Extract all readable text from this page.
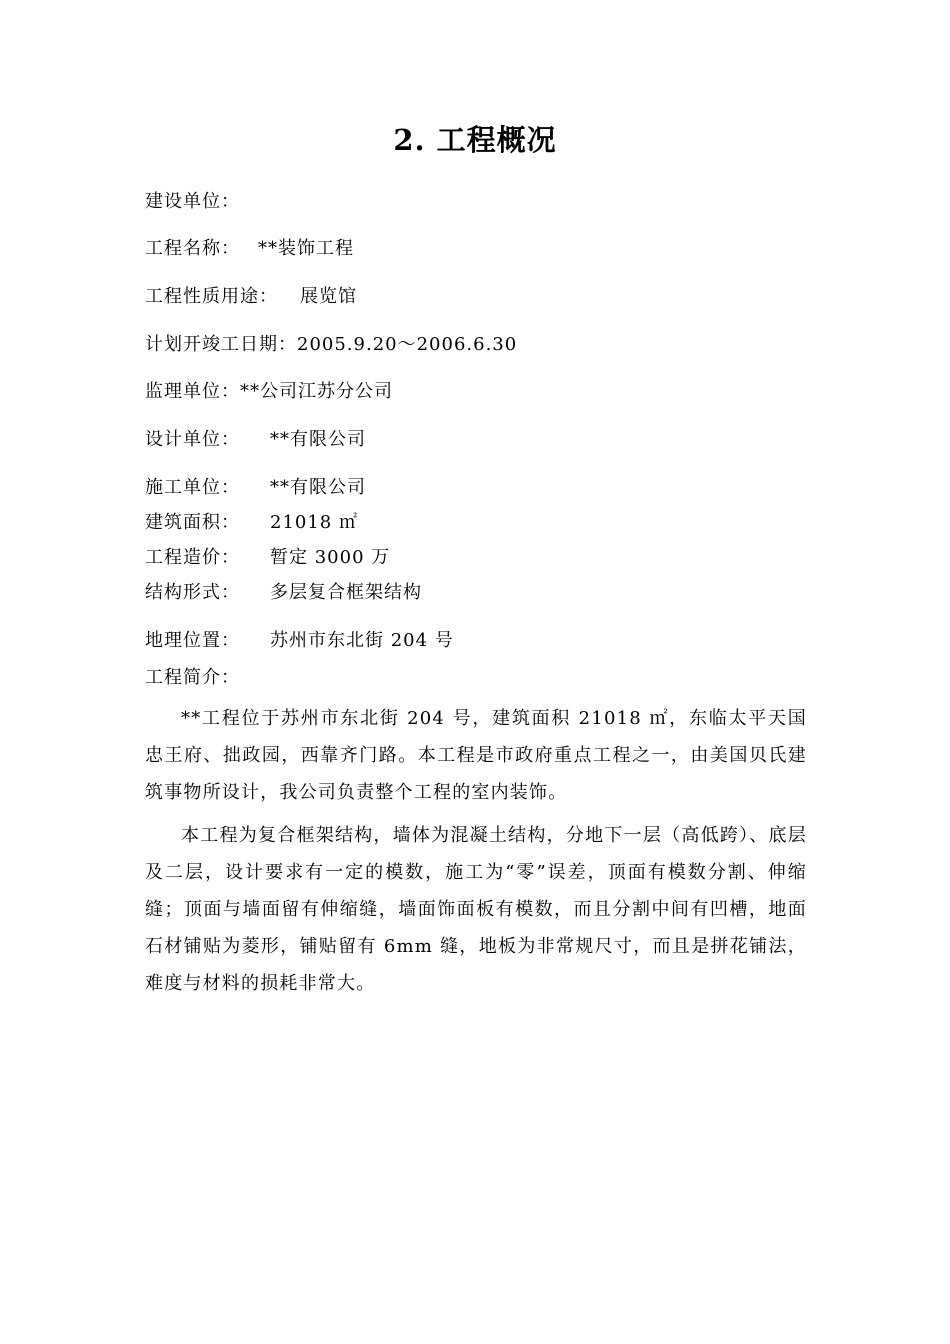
2. 工程概况
建设单位：
工程名称： **装饰工程
工程性质用途： 展览馆
计划开竣工日期：2005.9.20～2006.6.30
监理单位：**公司江苏分公司
设计单位： **有限公司
施工单位： **有限公司
建筑面积： 21018 ㎡
工程造价： 暂定 3000 万
结构形式： 多层复合框架结构
地理位置： 苏州市东北街 204 号
工程简介：
**工程位于苏州市东北街 204 号，建筑面积 21018 ㎡，东临太平天国忠王府、拙政园，西靠齐门路。本工程是市政府重点工程之一，由美国贝氏建筑事物所设计，我公司负责整个工程的室内装饰。
本工程为复合框架结构，墙体为混凝土结构，分地下一层（高低跨）、底层及二层，设计要求有一定的模数，施工为“零”误差，顶面有模数分割、伸缩缝；顶面与墙面留有伸缩缝，墙面饰面板有模数，而且分割中间有凹槽，地面石材铺贴为菱形，铺贴留有 6mm 缝，地板为非常规尺寸，而且是拼花铺法，难度与材料的损耗非常大。
